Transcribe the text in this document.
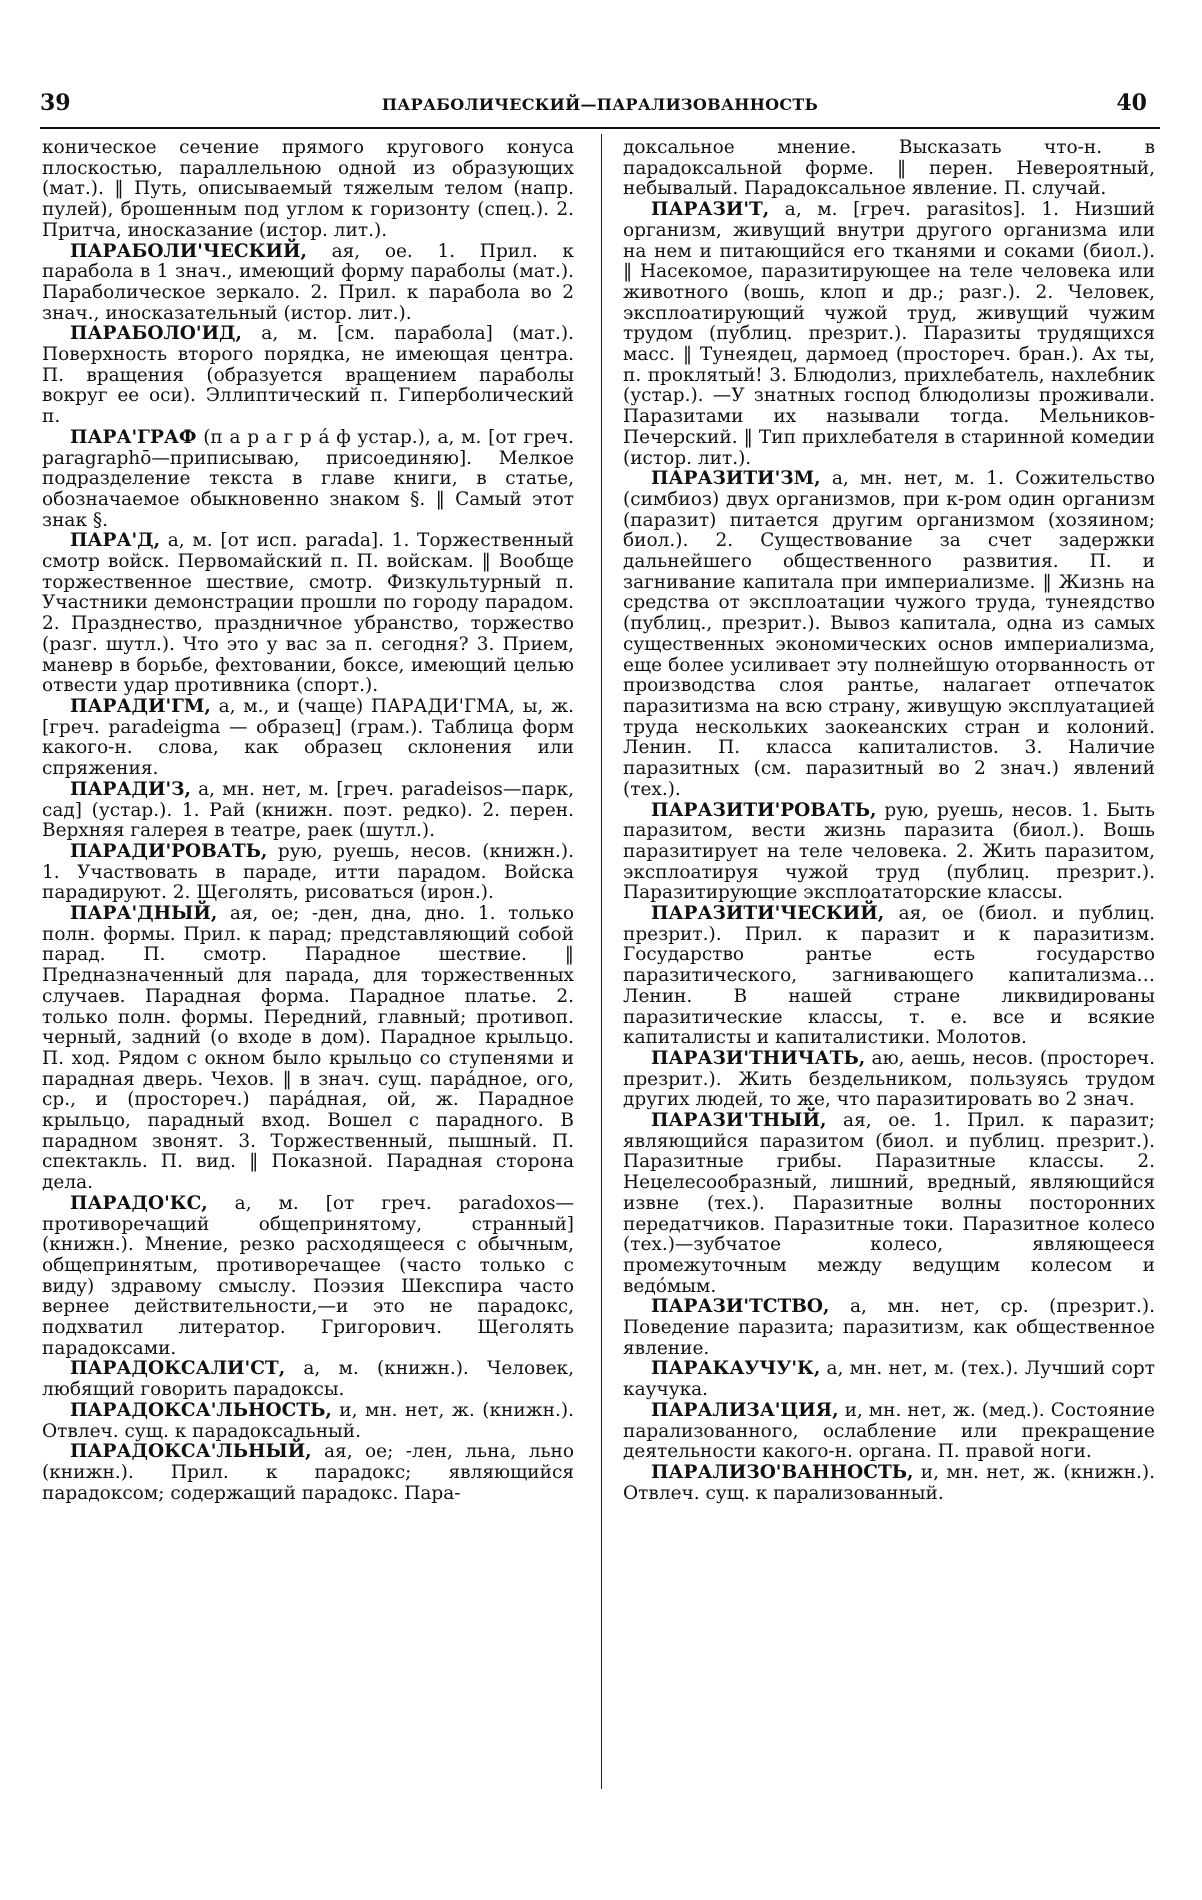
39	ПАРАБОЛИЧЕСКИЙ—ПАРАЛИЗОВАННОСТЬ	40

коническое сечение прямого кругового конуса плоскостью, параллельною одной из образующих (мат.). ‖ Путь, описываемый тяжелым телом (напр. пулей), брошенным под углом к горизонту (спец.). 2. Притча, иносказание (истор. лит.).

ПАРАБОЛИ'ЧЕСКИЙ, ая, ое. 1. Прил. к парабола в 1 знач., имеющий форму параболы (мат.). Параболическое зеркало. 2. Прил. к парабола во 2 знач., иносказательный (истор. лит.).

ПАРАБОЛО'ИД, а, м. [см. парабола] (мат.). Поверхность второго порядка, не имеющая центра. П. вращения (образуется вращением параболы вокруг ее оси). Эллиптический п. Гиперболический п.

ПАРА'ГРАФ (п а р а г р а́ ф устар.), а, м. [от греч. paragraphō—приписываю, присоединяю]. Мелкое подразделение текста в главе книги, в статье, обозначаемое обыкновенно знаком §. ‖ Самый этот знак §.

ПАРА'Д, а, м. [от исп. parada]. 1. Торжественный смотр войск. Первомайский п. П. войскам. ‖ Вообще торжественное шествие, смотр. Физкультурный п. Участники демонстрации прошли по городу парадом. 2. Празднество, праздничное убранство, торжество (разг. шутл.). Что это у вас за п. сегодня? 3. Прием, маневр в борьбе, фехтовании, боксе, имеющий целью отвести удар противника (спорт.).

ПАРАДИ'ГМ, а, м., и (чаще) ПАРАДИ'ГМА, ы, ж. [греч. paradeigma — образец] (грам.). Таблица форм какого-н. слова, как образец склонения или спряжения.

ПАРАДИ'З, а, мн. нет, м. [греч. paradeisos—парк, сад] (устар.). 1. Рай (книжн. поэт. редко). 2. перен. Верхняя галерея в театре, раек (шутл.).

ПАРАДИ'РОВАТЬ, рую, руешь, несов. (книжн.). 1. Участвовать в параде, итти парадом. Войска парадируют. 2. Щеголять, рисоваться (ирон.).

ПАРА'ДНЫЙ, ая, ое; -ден, дна, дно. 1. только полн. формы. Прил. к парад; представляющий собой парад. П. смотр. Парадное шествие. ‖ Предназначенный для парада, для торжественных случаев. Парадная форма. Парадное платье. 2. только полн. формы. Передний, главный; противоп. черный, задний (о входе в дом). Парадное крыльцо. П. ход. Рядом с окном было крыльцо со ступенями и парадная дверь. Чехов. ‖ в знач. сущ. пара́дное, ого, ср., и (простореч.) пара́дная, ой, ж. Парадное крыльцо, парадный вход. Вошел с парадного. В парадном звонят. 3. Торжественный, пышный. П. спектакль. П. вид. ‖ Показной. Парадная сторона дела.

ПАРАДО'КС, а, м. [от греч. paradoxos—противоречащий общепринятому, странный] (книжн.). Мнение, резко расходящееся с обычным, общепринятым, противоречащее (часто только с виду) здравому смыслу. Поэзия Шекспира часто вернее действительности,—и это не парадокс, подхватил литератор. Григорович. Щеголять парадоксами.

ПАРАДОКСАЛИ'СТ, а, м. (книжн.). Человек, любящий говорить парадоксы.

ПАРАДОКСА'ЛЬНОСТЬ, и, мн. нет, ж. (книжн.). Отвлеч. сущ. к парадоксальный.

ПАРАДОКСА'ЛЬНЫЙ, ая, ое; -лен, льна, льно (книжн.). Прил. к парадокс; являющийся парадоксом; содержащий парадокс. Пара-

доксальное мнение. Высказать что-н. в парадоксальной форме. ‖ перен. Невероятный, небывалый. Парадоксальное явление. П. случай.

ПАРАЗИ'Т, а, м. [греч. parasitos]. 1. Низший организм, живущий внутри другого организма или на нем и питающийся его тканями и соками (биол.). ‖ Насекомое, паразитирующее на теле человека или животного (вошь, клоп и др.; разг.). 2. Человек, эксплоатирующий чужой труд, живущий чужим трудом (публиц. презрит.). Паразиты трудящихся масс. ‖ Тунеядец, дармоед (простореч. бран.). Ах ты, п. проклятый! 3. Блюдолиз, прихлебатель, нахлебник (устар.). —У знатных господ блюдолизы проживали. Паразитами их называли тогда. Мельников-Печерский. ‖ Тип прихлебателя в старинной комедии (истор. лит.).

ПАРАЗИТИ'ЗМ, а, мн. нет, м. 1. Сожительство (симбиоз) двух организмов, при к-ром один организм (паразит) питается другим организмом (хозяином; биол.). 2. Существование за счет задержки дальнейшего общественного развития. П. и загнивание капитала при империализме. ‖ Жизнь на средства от эксплоатации чужого труда, тунеядство (публиц., презрит.). Вывоз капитала, одна из самых существенных экономических основ империализма, еще более усиливает эту полнейшую оторванность от производства слоя рантье, налагает отпечаток паразитизма на всю страну, живущую эксплуатацией труда нескольких заокеанских стран и колоний. Ленин. П. класса капиталистов. 3. Наличие паразитных (см. паразитный во 2 знач.) явлений (тех.).

ПАРАЗИТИ'РОВАТЬ, рую, руешь, несов. 1. Быть паразитом, вести жизнь паразита (биол.). Вошь паразитирует на теле человека. 2. Жить паразитом, эксплоатируя чужой труд (публиц. презрит.). Паразитирующие эксплоататорские классы.

ПАРАЗИТИ'ЧЕСКИЙ, ая, ое (биол. и публиц. презрит.). Прил. к паразит и к паразитизм. Государство рантье есть государство паразитического, загнивающего капитализма… Ленин. В нашей стране ликвидированы паразитические классы, т. е. все и всякие капиталисты и капиталистики. Молотов.

ПАРАЗИ'ТНИЧАТЬ, аю, аешь, несов. (простореч. презрит.). Жить бездельником, пользуясь трудом других людей, то же, что паразитировать во 2 знач.

ПАРАЗИ'ТНЫЙ, ая, ое. 1. Прил. к паразит; являющийся паразитом (биол. и публиц. презрит.). Паразитные грибы. Паразитные классы. 2. Нецелесообразный, лишний, вредный, являющийся извне (тех.). Паразитные волны посторонних передатчиков. Паразитные токи. Паразитное колесо (тех.)—зубчатое колесо, являющееся промежуточным между ведущим колесом и ведо́мым.

ПАРАЗИ'ТСТВО, а, мн. нет, ср. (презрит.). Поведение паразита; паразитизм, как общественное явление.

ПАРАКАУЧУ'К, а, мн. нет, м. (тех.). Лучший сорт каучука.

ПАРАЛИЗА'ЦИЯ, и, мн. нет, ж. (мед.). Состояние парализованного, ослабление или прекращение деятельности какого-н. органа. П. правой ноги.

ПАРАЛИЗО'ВАННОСТЬ, и, мн. нет, ж. (книжн.). Отвлеч. сущ. к парализованный.
